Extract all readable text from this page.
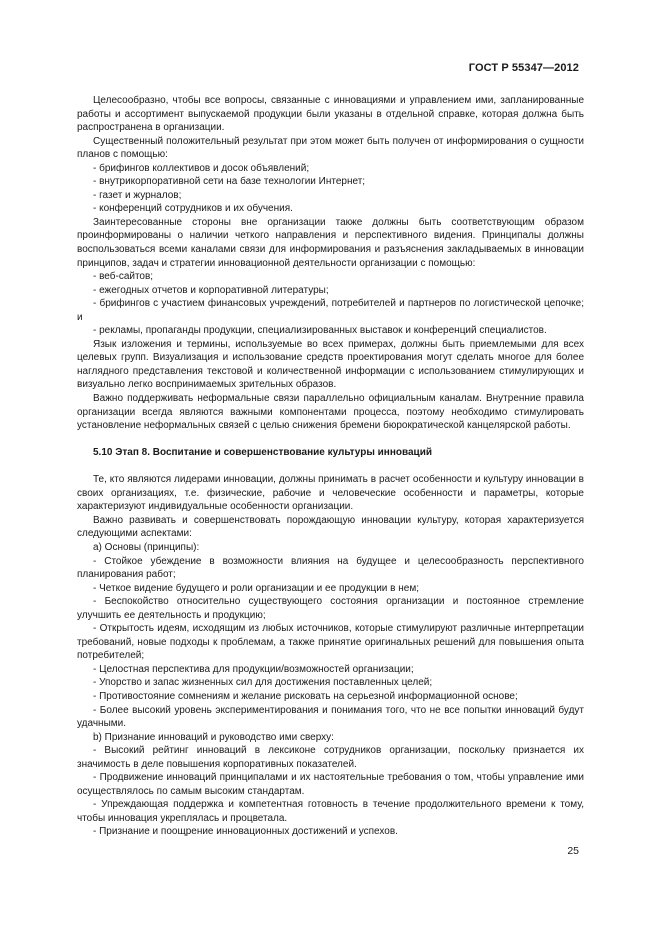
ГОСТ Р 55347—2012

Целесообразно, чтобы все вопросы, связанные с инновациями и управлением ими, запланированные работы и ассортимент выпускаемой продукции были указаны в отдельной справке, которая должна быть распространена в организации.

Существенный положительный результат при этом может быть получен от информирования о сущности планов с помощью:

- брифингов коллективов и досок объявлений;

- внутрикорпоративной сети на базе технологии Интернет;

- газет и журналов;

- конференций сотрудников и их обучения.

Заинтересованные стороны вне организации также должны быть соответствующим образом проинформированы о наличии четкого направления и перспективного видения. Принципалы должны воспользоваться всеми каналами связи для информирования и разъяснения закладываемых в инновации принципов, задач и стратегии инновационной деятельности организации с помощью:

- веб-сайтов;

- ежегодных отчетов и корпоративной литературы;

- брифингов с участием финансовых учреждений, потребителей и партнеров по логистической цепочке; и

- рекламы, пропаганды продукции, специализированных выставок и конференций специалистов.

Язык изложения и термины, используемые во всех примерах, должны быть приемлемыми для всех целевых групп. Визуализация и использование средств проектирования могут сделать многое для более наглядного представления текстовой и количественной информации с использованием стимулирующих и визуально легко воспринимаемых зрительных образов.

Важно поддерживать неформальные связи параллельно официальным каналам. Внутренние правила организации всегда являются важными компонентами процесса, поэтому необходимо стимулировать установление неформальных связей с целью снижения бремени бюрократической канцелярской работы.

5.10 Этап 8. Воспитание и совершенствование культуры инноваций

Те, кто являются лидерами инновации, должны принимать в расчет особенности и культуру инновации в своих организациях, т.е. физические, рабочие и человеческие особенности и параметры, которые характеризуют индивидуальные особенности организации.

Важно развивать и совершенствовать порождающую инновации культуру, которая характеризуется следующими аспектами:

а) Основы (принципы):

- Стойкое убеждение в возможности влияния на будущее и целесообразность перспективного планирования работ;

- Четкое видение будущего и роли организации и ее продукции в нем;

- Беспокойство относительно существующего состояния организации и постоянное стремление улучшить ее деятельность и продукцию;

- Открытость идеям, исходящим из любых источников, которые стимулируют различные интерпретации требований, новые подходы к проблемам, а также принятие оригинальных решений для повышения опыта потребителей;

- Целостная перспектива для продукции/возможностей организации;

- Упорство и запас жизненных сил для достижения поставленных целей;

- Противостояние сомнениям и желание рисковать на серьезной информационной основе;

- Более высокий уровень экспериментирования и понимания того, что не все попытки инноваций будут удачными.

b) Признание инноваций и руководство ими сверху:

- Высокий рейтинг инноваций в лексиконе сотрудников организации, поскольку признается их значимость в деле повышения корпоративных показателей.

- Продвижение инноваций принципалами и их настоятельные требования о том, чтобы управление ими осуществлялось по самым высоким стандартам.

- Упреждающая поддержка и компетентная готовность в течение продолжительного времени к тому, чтобы инновация укреплялась и процветала.

- Признание и поощрение инновационных достижений и успехов.

25
